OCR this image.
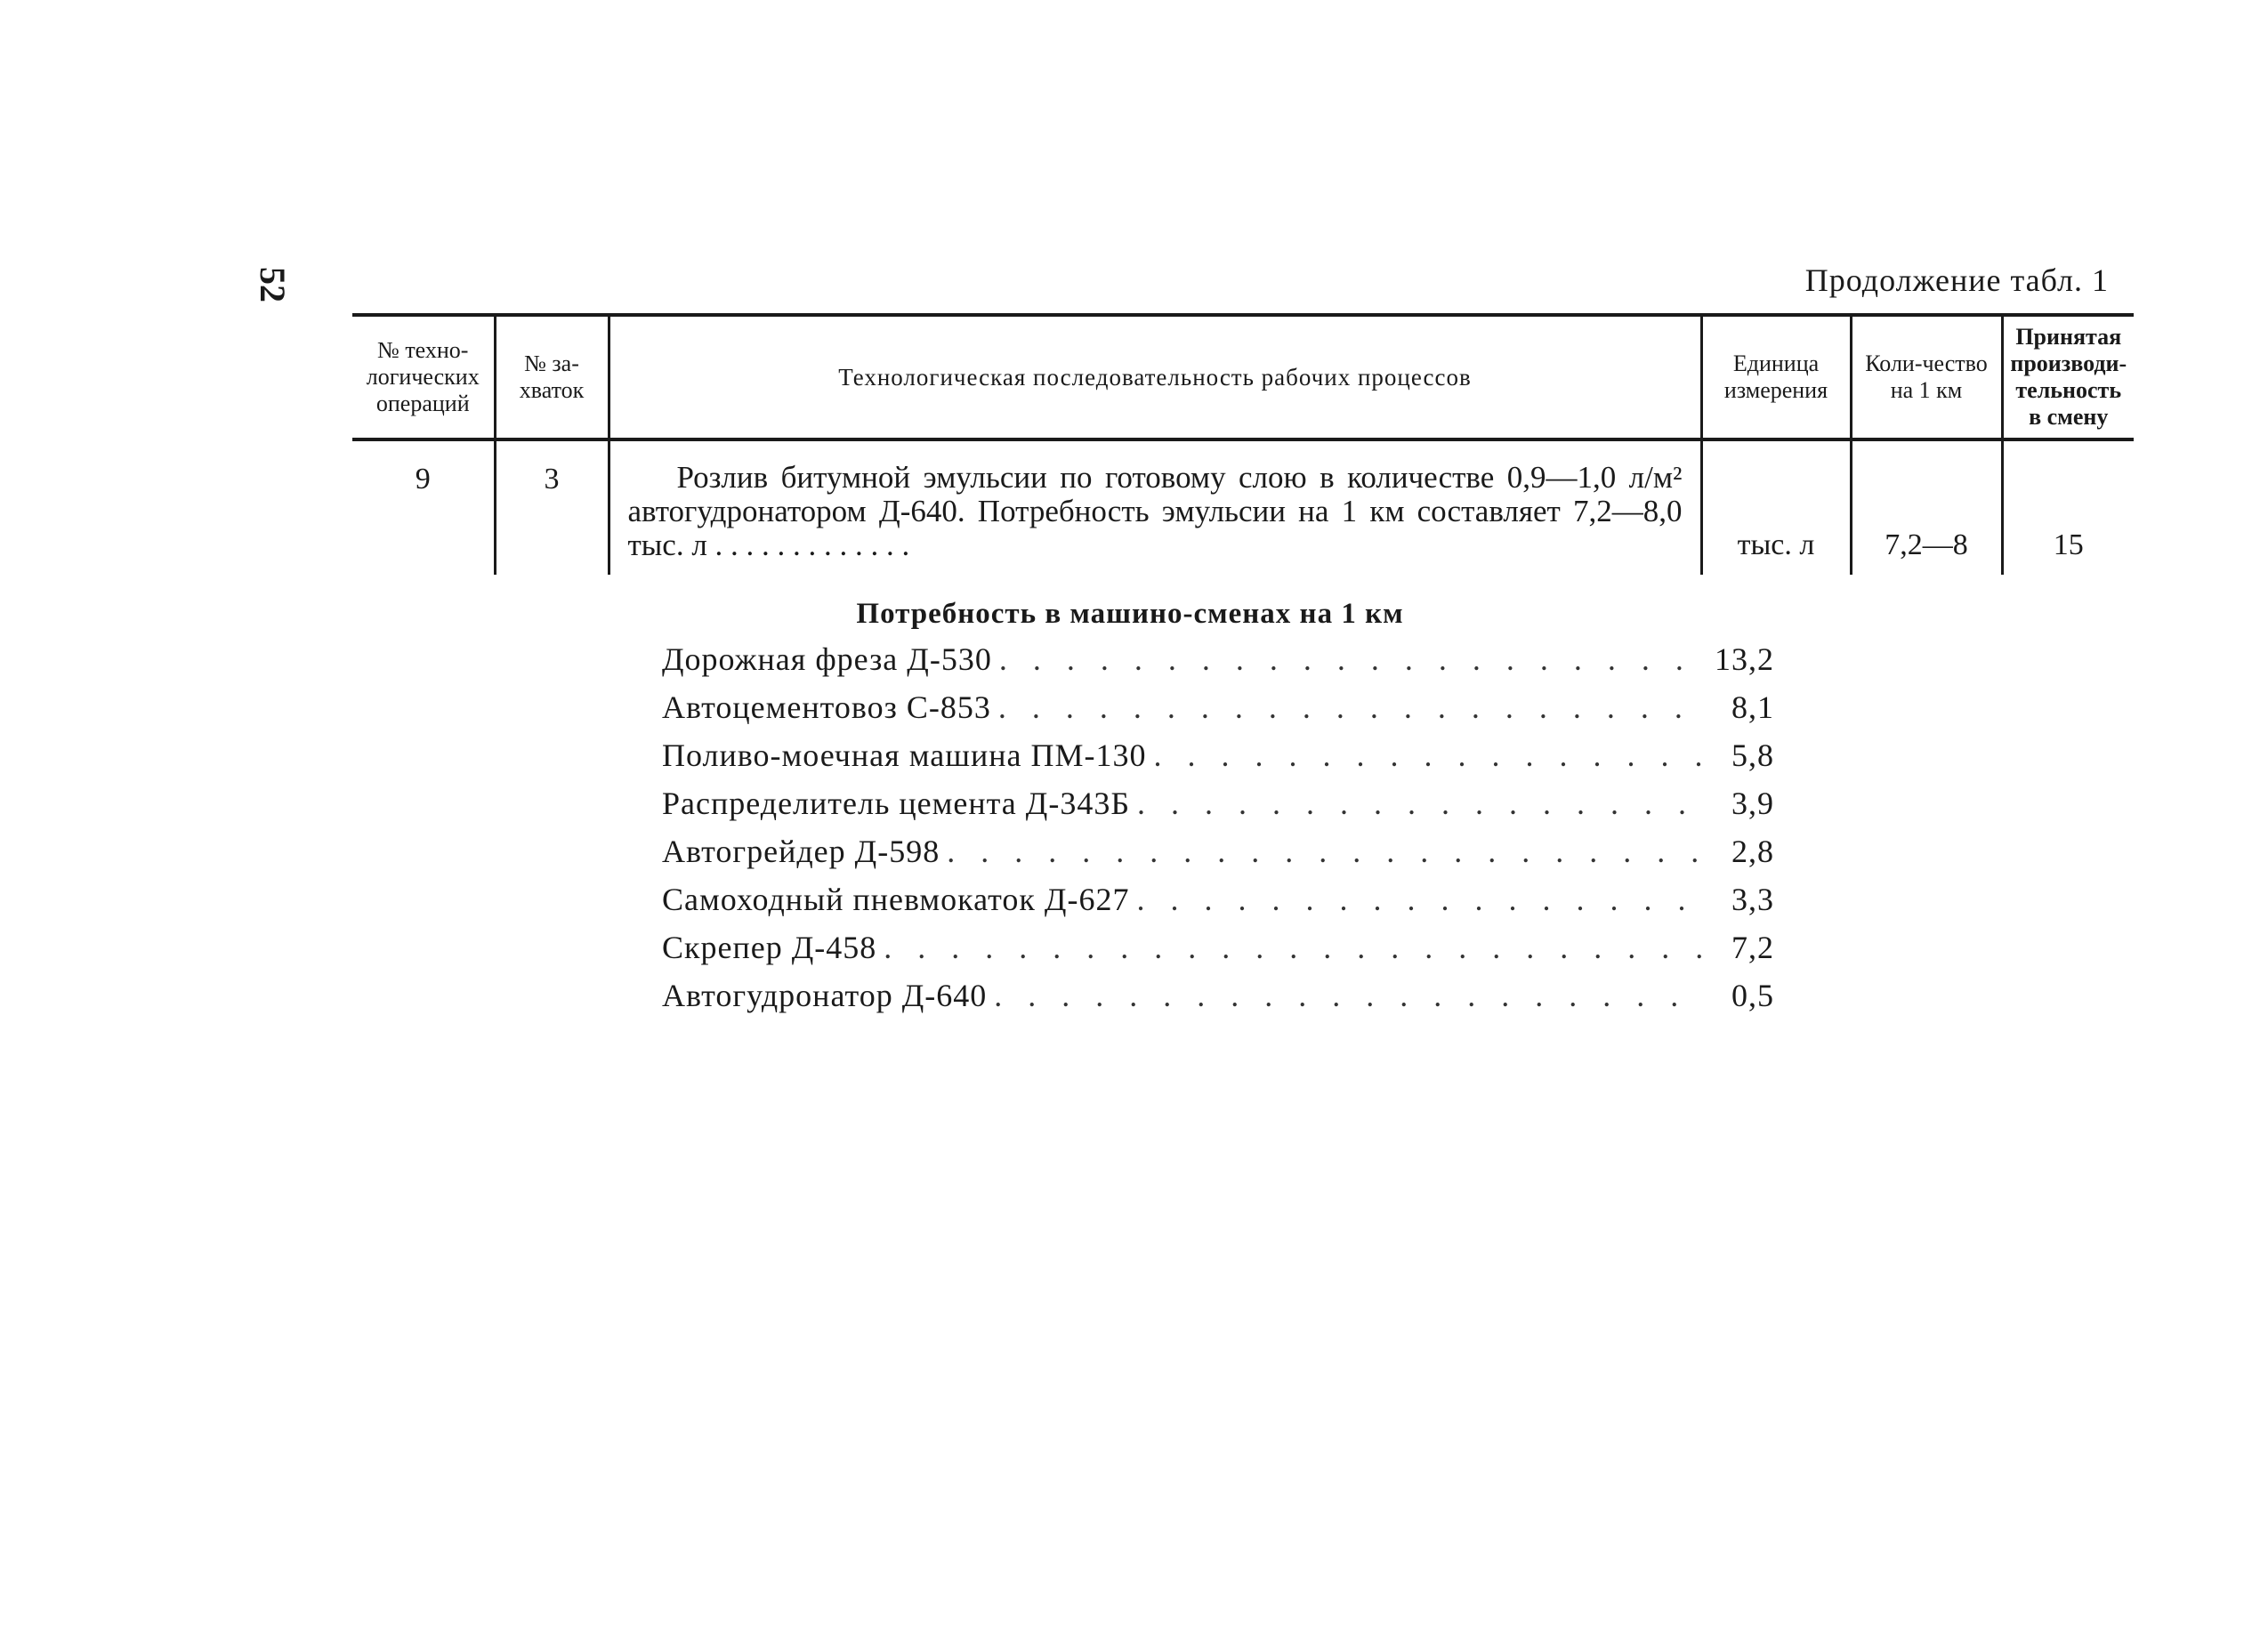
52	Продолжение табл. 1
№ техно-логических операций	№ за-хваток	Технологическая последовательность рабочих процессов	Единица измерения	Коли-чество на 1 км	Принятая производи-тельность в смену
9	3	Розлив битумной эмульсии по готовому слою в количестве 0,9—1,0 л/м² автогудронатором Д-640. Потребность эмульсии на 1 км составляет 7,2—8,0 тыс. л . . . . . . . . . . . . .	тыс. л	7,2—8	15
Потребность в машино-сменах на 1 км
Дорожная фреза Д-530 . . .	13,2
Автоцементовоз С-853 . . .	8,1
Поливо-моечная машина ПМ-130 . . .	5,8
Распределитель цемента Д-343Б . . .	3,9
Автогрейдер Д-598 . . .	2,8
Самоходный пневмокаток Д-627 . . .	3,3
Скрепер Д-458 . . .	7,2
Автогудронатор Д-640 . . .	0,5
